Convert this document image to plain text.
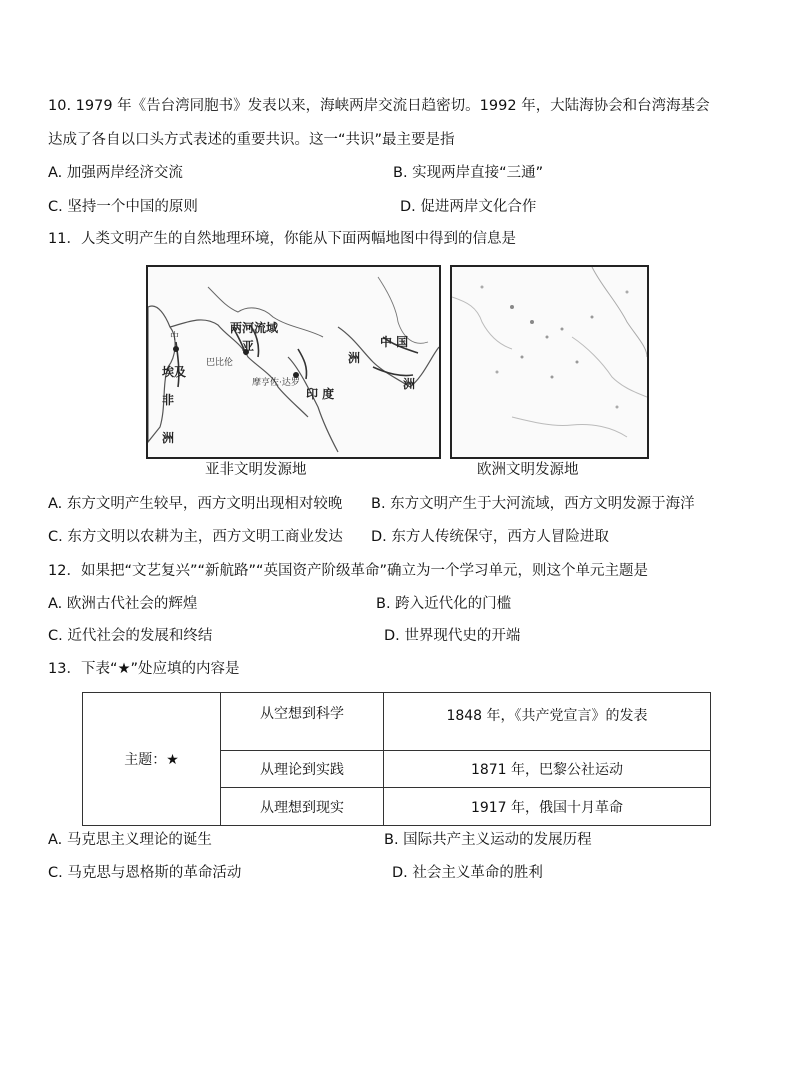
10. 1979 年《告台湾同胞书》发表以来，海峡两岸交流日趋密切。1992 年，大陆海协会和台湾海基会
达成了各自以口头方式表述的重要共识。这一“共识”最主要是指
A. 加强两岸经济交流	B. 实现两岸直接“三通”
C. 坚持一个中国的原则	D. 促进两岸文化合作
11．人类文明产生的自然地理环境，你能从下面两幅地图中得到的信息是
两河流域
亚	中 国
印 度
非
洲
洲
中
巴比伦
埃及
摩亨佐·达罗	洲
亚非文明发源地	欧洲文明发源地
A. 东方文明产生较早，西方文明出现相对较晚 B. 东方文明产生于大河流域，西方文明发源于海洋
C. 东方文明以农耕为主，西方文明工商业发达 D. 东方人传统保守，西方人冒险进取
12．如果把“文艺复兴”“新航路”“英国资产阶级革命”确立为一个学习单元，则这个单元主题是
A. 欧洲古代社会的辉煌	B. 跨入近代化的门槛
C. 近代社会的发展和终结	D. 世界现代史的开端
13．下表“★”处应填的内容是
主题：★	从空想到科学	1848 年，《共产党宣言》的发表
	从理论到实践	1871 年，巴黎公社运动
	从理想到现实	1917 年，俄国十月革命
A. 马克思主义理论的诞生	B. 国际共产主义运动的发展历程
C. 马克思与恩格斯的革命活动	D. 社会主义革命的胜利
